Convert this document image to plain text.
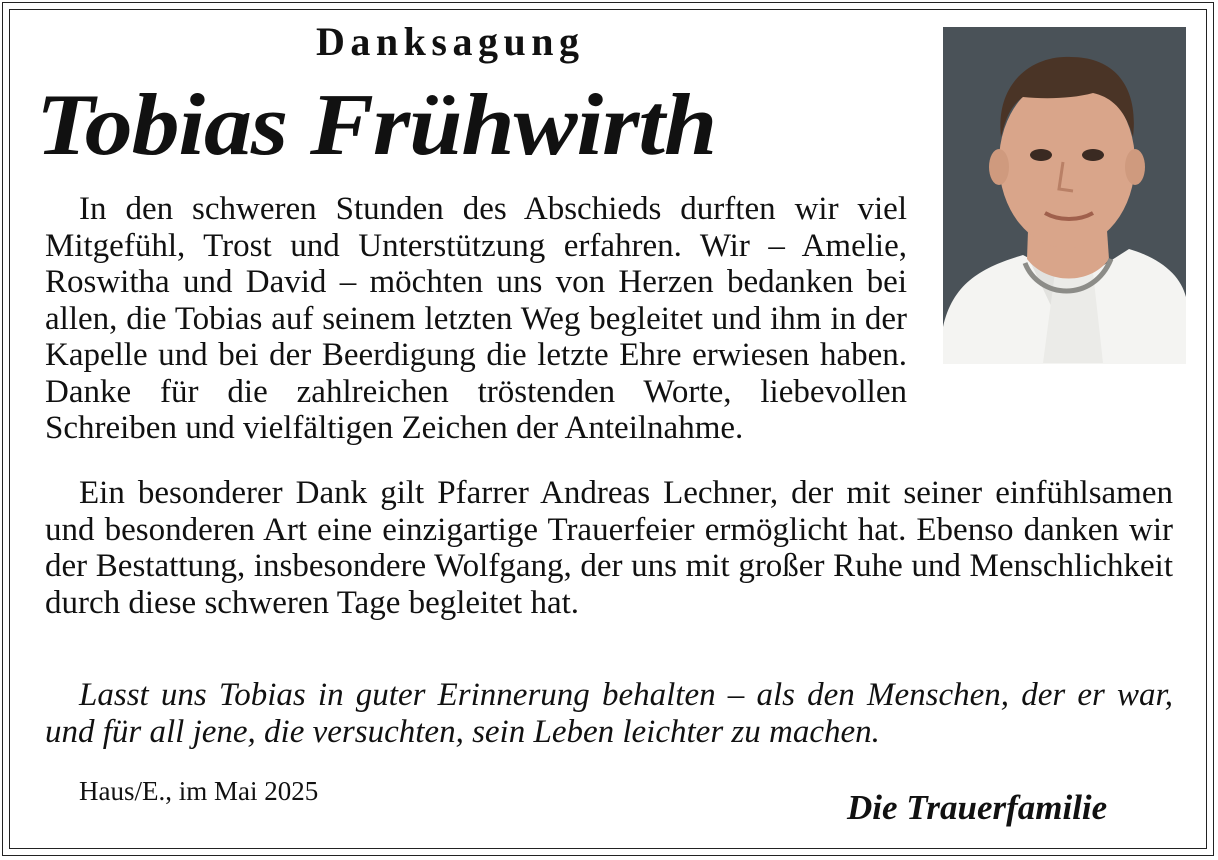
Danksagung
Tobias Frühwirth

In den schweren Stunden des Abschieds durften wir viel Mitgefühl, Trost und Unterstützung erfahren. Wir – Amelie, Roswitha und David – möchten uns von Herzen bedanken bei allen, die Tobias auf seinem letzten Weg begleitet und ihm in der Kapelle und bei der Beerdigung die letzte Ehre erwiesen haben. Danke für die zahlreichen tröstenden Worte, liebevollen Schreiben und vielfältigen Zeichen der Anteilnahme.

Ein besonderer Dank gilt Pfarrer Andreas Lechner, der mit seiner einfühlsamen und besonderen Art eine einzigartige Trauerfeier ermöglicht hat. Ebenso danken wir der Bestattung, insbesondere Wolfgang, der uns mit großer Ruhe und Menschlichkeit durch diese schweren Tage begleitet hat.

Lasst uns Tobias in guter Erinnerung behalten – als den Menschen, der er war, und für all jene, die versuchten, sein Leben leichter zu machen.

Haus/E., im Mai 2025	Die Trauerfamilie
